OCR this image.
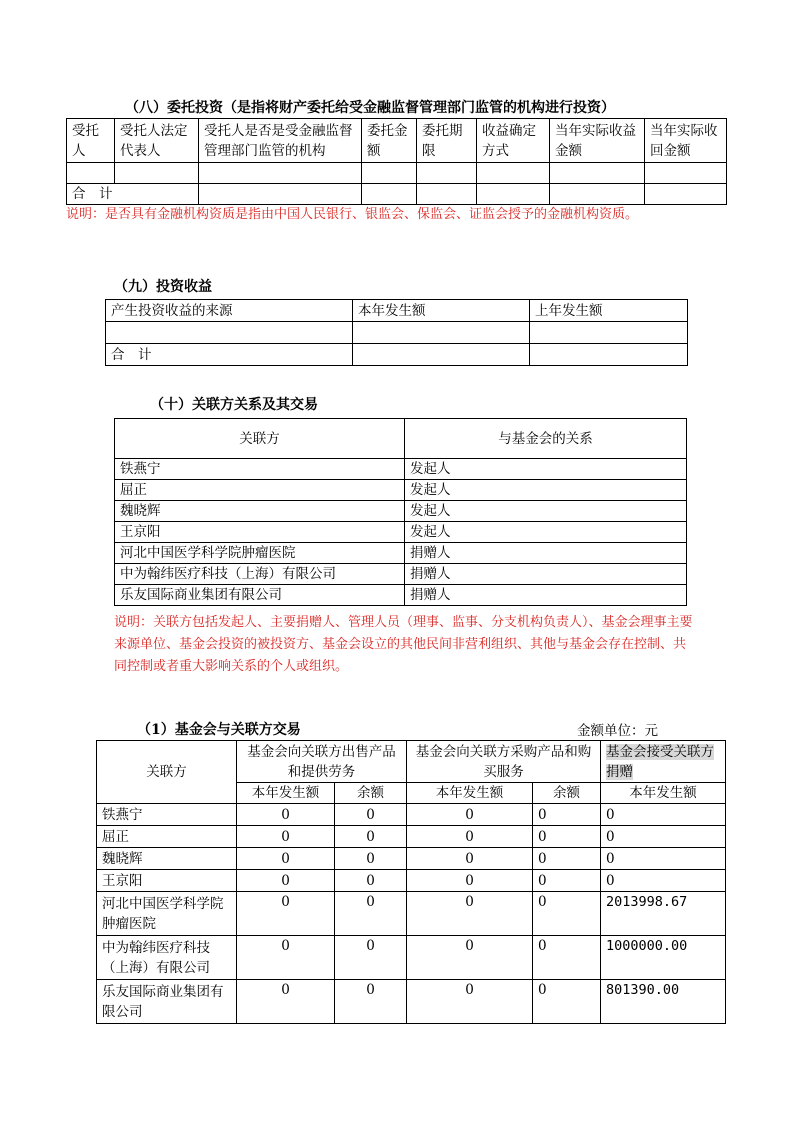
（八）委托投资（是指将财产委托给受金融监督管理部门监管的机构进行投资）
受托人	受托人法定代表人	受托人是否是受金融监督管理部门监管的机构	委托金额	委托期限	收益确定方式	当年实际收益金额	当年实际收回金额

合　计							
说明：是否具有金融机构资质是指由中国人民银行、银监会、保监会、证监会授予的金融机构资质。
（九）投资收益
产生投资收益的来源	本年发生额	上年发生额

合　计		
（十）关联方关系及其交易
关联方	与基金会的关系
铁燕宁	发起人
屈正	发起人
魏晓辉	发起人
王京阳	发起人
河北中国医学科学院肿瘤医院	捐赠人
中为翰纬医疗科技（上海）有限公司	捐赠人
乐友国际商业集团有限公司	捐赠人
说明：关联方包括发起人、主要捐赠人、管理人员（理事、监事、分支机构负责人）、基金会理事主要来源单位、基金会投资的被投资方、基金会设立的其他民间非营利组织、其他与基金会存在控制、共同控制或者重大影响关系的个人或组织。
（1）基金会与关联方交易	金额单位：元
关联方	基金会向关联方出售产品和提供劳务		基金会向关联方采购产品和购买服务		基金会接受关联方捐赠
	本年发生额	余额	本年发生额	余额	本年发生额
铁燕宁	0	0	0	0	0
屈正	0	0	0	0	0
魏晓辉	0	0	0	0	0
王京阳	0	0	0	0	0
河北中国医学科学院肿瘤医院	0	0	0	0	2013998.67
中为翰纬医疗科技（上海）有限公司	0	0	0	0	1000000.00
乐友国际商业集团有限公司	0	0	0	0	801390.00
